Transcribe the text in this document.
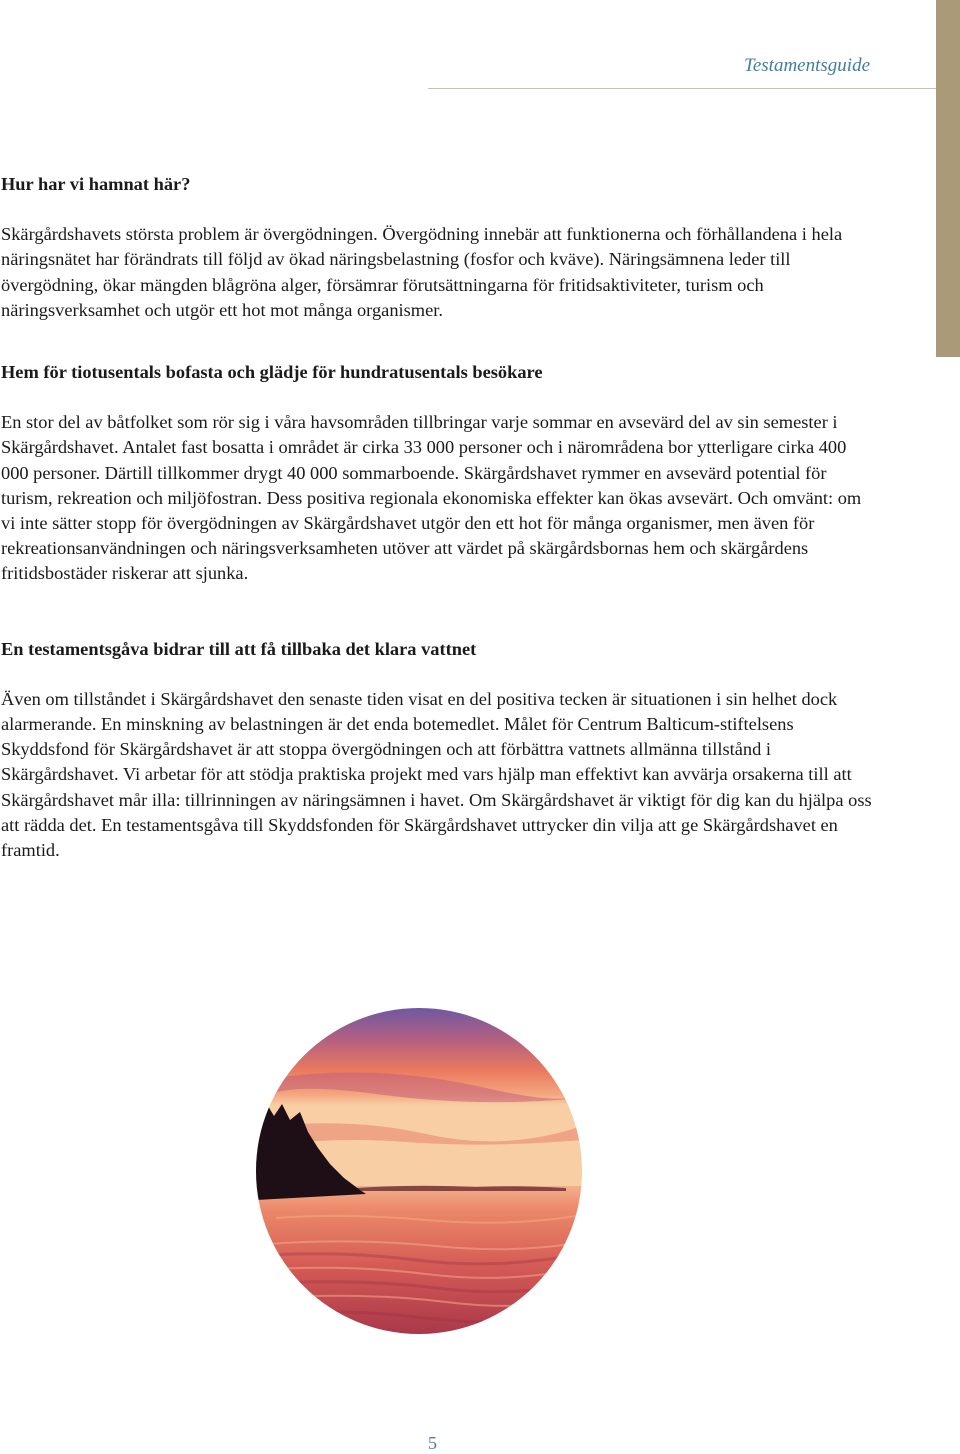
Testamentsguide
Hur har vi hamnat här?

Skärgårdshavets största problem är övergödningen. Övergödning innebär att funktionerna och förhållandena i hela näringsnätet har förändrats till följd av ökad näringsbelastning (fosfor och kväve). Näringsämnena leder till övergödning, ökar mängden blågröna alger, försämrar förutsättningarna för fritidsaktiviteter, turism och näringsverksamhet och utgör ett hot mot många organismer.

Hem för tiotusentals bofasta och glädje för hundratusentals besökare

En stor del av båtfolket som rör sig i våra havsområden tillbringar varje sommar en avsevärd del av sin semester i Skärgårdshavet. Antalet fast bosatta i området är cirka 33 000 personer och i närområdena bor ytterligare cirka 400 000 personer. Därtill tillkommer drygt 40 000 sommarboende. Skärgårdshavet rymmer en avsevärd potential för turism, rekreation och miljöfostran. Dess positiva regionala ekonomiska effekter kan ökas avsevärt. Och omvänt: om vi inte sätter stopp för övergödningen av Skärgårdshavet utgör den ett hot för många organismer, men även för rekreationsanvändningen och näringsverksamheten utöver att värdet på skärgårdsbornas hem och skärgårdens fritidsbostäder riskerar att sjunka.

En testamentsgåva bidrar till att få tillbaka det klara vattnet

Även om tillståndet i Skärgårdshavet den senaste tiden visat en del positiva tecken är situationen i sin helhet dock alarmerande. En minskning av belastningen är det enda botemedlet. Målet för Centrum Balticum-stiftelsens Skyddsfond för Skärgårdshavet är att stoppa övergödningen och att förbättra vattnets allmänna tillstånd i Skärgårdshavet. Vi arbetar för att stödja praktiska projekt med vars hjälp man effektivt kan avvärja orsakerna till att Skärgårdshavet mår illa: tillrinningen av näringsämnen i havet. Om Skärgårdshavet är viktigt för dig kan du hjälpa oss att rädda det. En testamentsgåva till Skyddsfonden för Skärgårdshavet uttrycker din vilja att ge Skärgårdshavet en framtid.

5
